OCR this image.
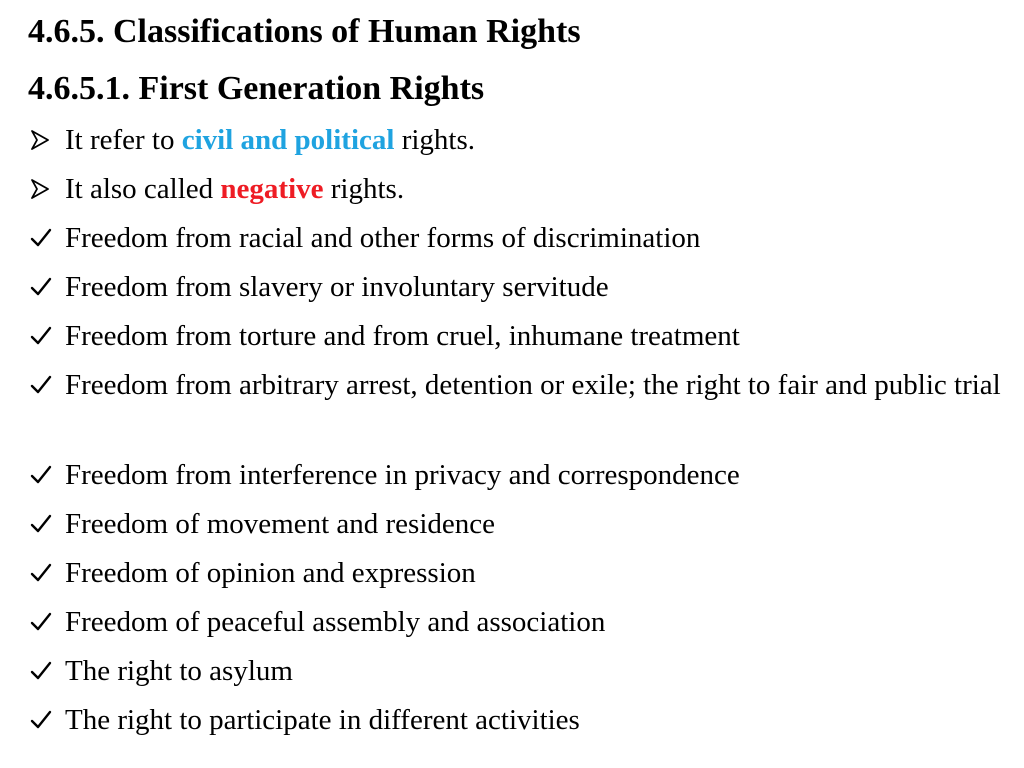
4.6.5. Classifications of Human Rights
4.6.5.1. First Generation Rights
It refer to civil and political rights.
It also called negative rights.
Freedom from racial and other forms of discrimination
Freedom from slavery or involuntary servitude
Freedom from torture and from cruel, inhumane treatment
Freedom from arbitrary arrest, detention or exile; the right to fair and public trial
Freedom from interference in privacy and correspondence
Freedom of movement and residence
Freedom of opinion and expression
Freedom of peaceful assembly and association
The right to asylum
The right to participate in different activities
